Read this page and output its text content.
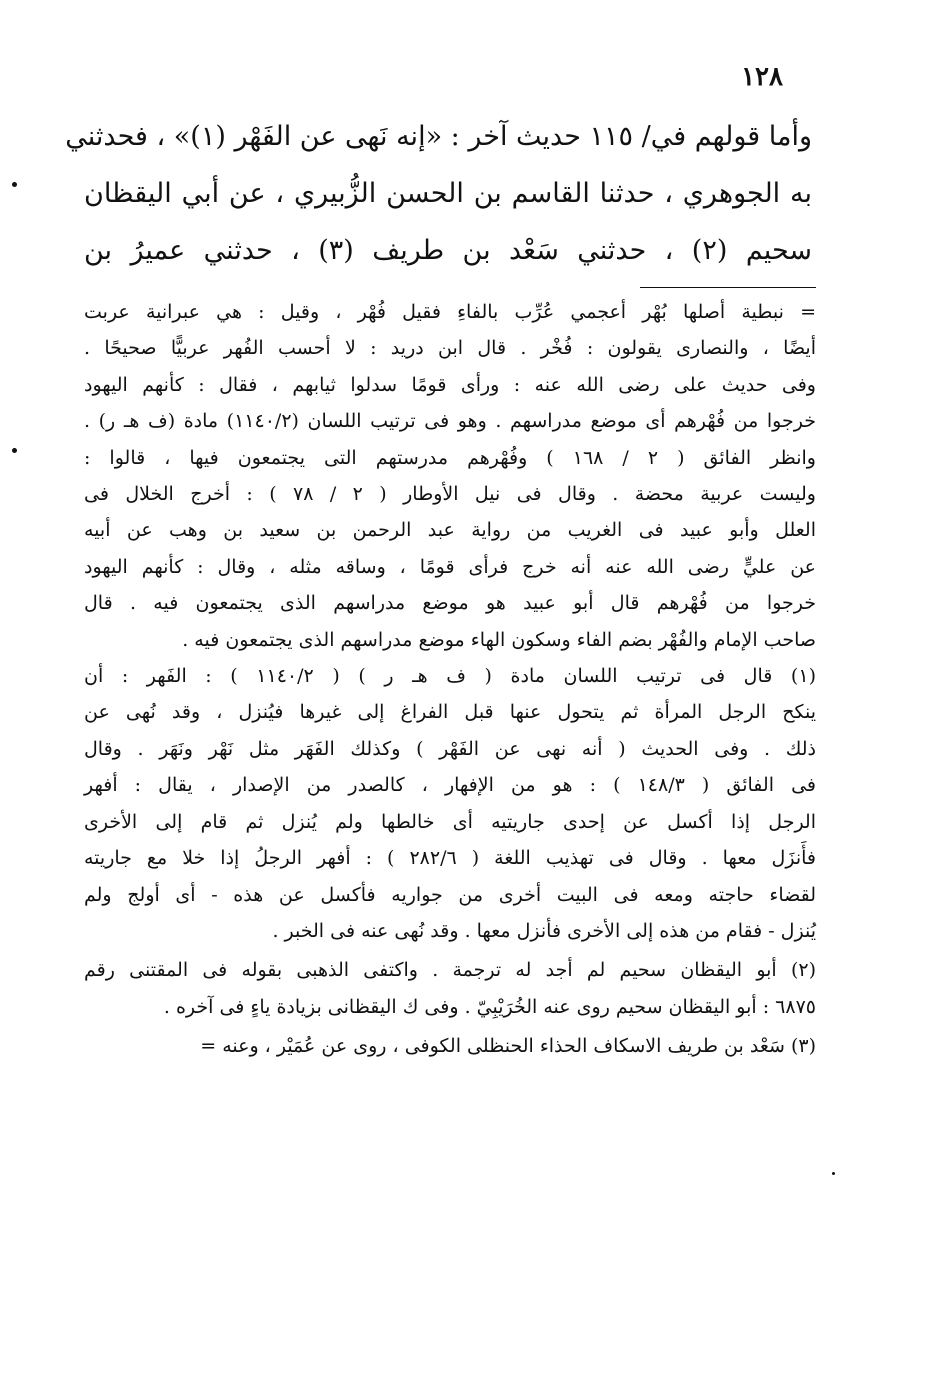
١٢٨
وأما قولهم في/ ١١٥ حديث آخر : «إنه نَهى عن الفَهْر (١)» ، فحدثني
به الجوهري ، حدثنا القاسم بن الحسن الزُّبيري ، عن أبي اليقظان
سحيم (٢) ، حدثني سَعْد بن طريف (٣) ، حدثني عميرُ بن
= نبطية أصلها بُهْر أعجمي عُرِّب بالفاءِ فقيل فُهْر ، وقيل : هي عبرانية عربت
أيضًا ، والنصارى يقولون : فُخْر . قال ابن دريد : لا أحسب الفُهر عربيًّا صحيحًا .
وفى حديث على رضى الله عنه : ورأى قومًا سدلوا ثيابهم ، فقال : كأنهم اليهود
خرجوا من فُهْرهم أى موضع مدراسهم . وهو فى ترتيب اللسان (١١٤٠/٢) مادة (ف هـ ر) .
وانظر الفائق ( ٢ / ١٦٨ ) وفُهْرهم مدرستهم التى يجتمعون فيها ، قالوا :
وليست عربية محضة . وقال فى نيل الأوطار ( ٢ / ٧٨ ) : أخرج الخلال فى
العلل وأبو عبيد فى الغريب من رواية عبد الرحمن بن سعيد بن وهب عن أبيه
عن عليٍّ رضى الله عنه أنه خرج فرأى قومًا ، وساقه مثله ، وقال : كأنهم اليهود
خرجوا من فُهْرهم قال أبو عبيد هو موضع مدراسهم الذى يجتمعون فيه . قال
صاحب الإمام والفُهْر بضم الفاء وسكون الهاء موضع مدراسهم الذى يجتمعون فيه .
(١) قال فى ترتيب اللسان مادة ( ف هـ ر ) ( ١١٤٠/٢ ) : الفَهر : أن
ينكح الرجل المرأة ثم يتحول عنها قبل الفراغ إلى غيرها فيُنزل ، وقد نُهى عن
ذلك . وفى الحديث ( أنه نهى عن الفَهْر ) وكذلك الفَهَر مثل نَهْر ونَهَر . وقال
فى الفائق ( ١٤٨/٣ ) : هو من الإفهار ، كالصدر من الإصدار ، يقال : أفهر
الرجل إذا أكسل عن إحدى جاريتيه أى خالطها ولم يُنزل ثم قام إلى الأخرى
فأَنزَل معها . وقال فى تهذيب اللغة ( ٢٨٢/٦ ) : أفهر الرجلُ إذا خلا مع جاريته
لقضاء حاجته ومعه فى البيت أخرى من جواريه فأكسل عن هذه - أى أولج ولم
يُنزل - فقام من هذه إلى الأخرى فأنزل معها . وقد نُهى عنه فى الخبر .
(٢) أبو اليقظان سحيم لم أجد له ترجمة . واكتفى الذهبى بقوله فى المقتنى رقم
٦٨٧٥ : أبو اليقظان سحيم روى عنه الخُرَيْبِيّ . وفى ك اليقظانى بزيادة ياءٍ فى آخره .
(٣) سَعْد بن طريف الاسكاف الحذاء الحنظلى الكوفى ، روى عن عُمَيْر ، وعنه =
